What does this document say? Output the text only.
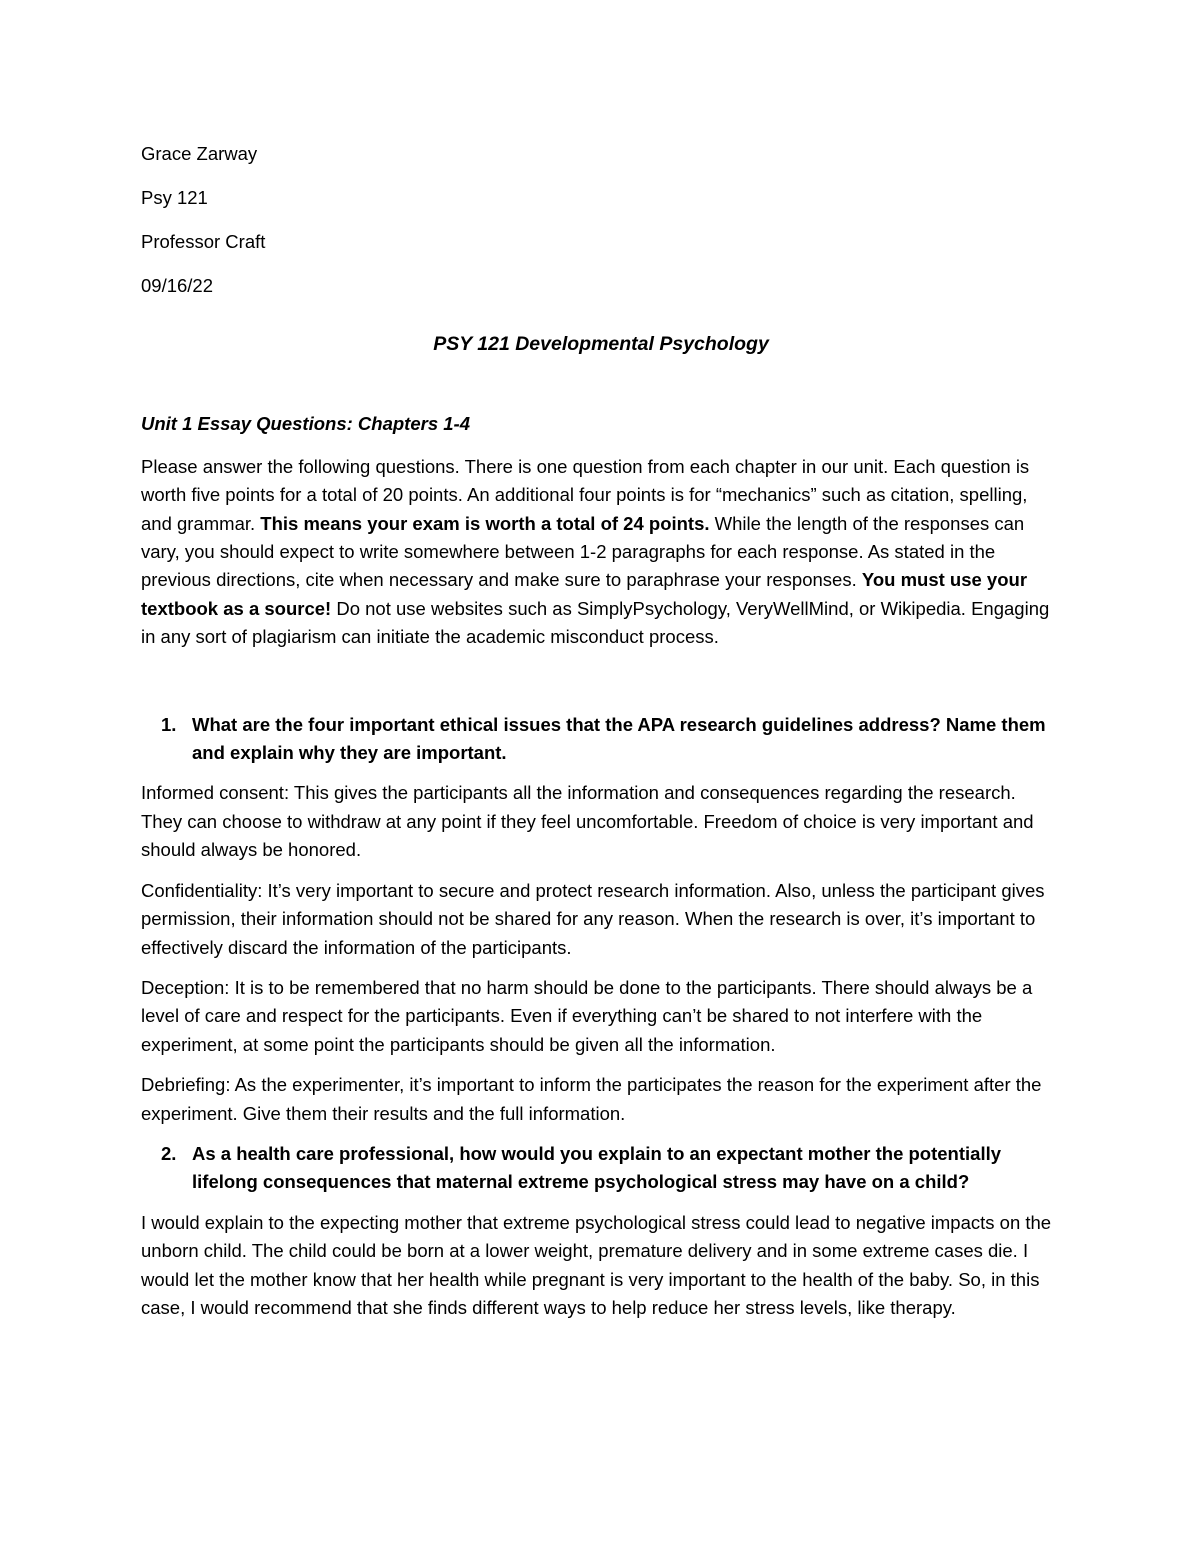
Grace Zarway
Psy 121
Professor Craft
09/16/22
PSY 121 Developmental Psychology
Unit 1 Essay Questions: Chapters 1-4

Please answer the following questions. There is one question from each chapter in our unit. Each question is worth five points for a total of 20 points. An additional four points is for “mechanics” such as citation, spelling, and grammar. This means your exam is worth a total of 24 points. While the length of the responses can vary, you should expect to write somewhere between 1-2 paragraphs for each response. As stated in the previous directions, cite when necessary and make sure to paraphrase your responses. You must use your textbook as a source! Do not use websites such as SimplyPsychology, VeryWellMind, or Wikipedia. Engaging in any sort of plagiarism can initiate the academic misconduct process.

1. What are the four important ethical issues that the APA research guidelines address? Name them and explain why they are important.

Informed consent: This gives the participants all the information and consequences regarding the research. They can choose to withdraw at any point if they feel uncomfortable. Freedom of choice is very important and should always be honored.

Confidentiality: It’s very important to secure and protect research information. Also, unless the participant gives permission, their information should not be shared for any reason. When the research is over, it’s important to effectively discard the information of the participants.

Deception: It is to be remembered that no harm should be done to the participants. There should always be a level of care and respect for the participants. Even if everything can’t be shared to not interfere with the experiment, at some point the participants should be given all the information.

Debriefing: As the experimenter, it’s important to inform the participates the reason for the experiment after the experiment. Give them their results and the full information.

2. As a health care professional, how would you explain to an expectant mother the potentially lifelong consequences that maternal extreme psychological stress may have on a child?

I would explain to the expecting mother that extreme psychological stress could lead to negative impacts on the unborn child. The child could be born at a lower weight, premature delivery and in some extreme cases die. I would let the mother know that her health while pregnant is very important to the health of the baby. So, in this case, I would recommend that she finds different ways to help reduce her stress levels, like therapy.
